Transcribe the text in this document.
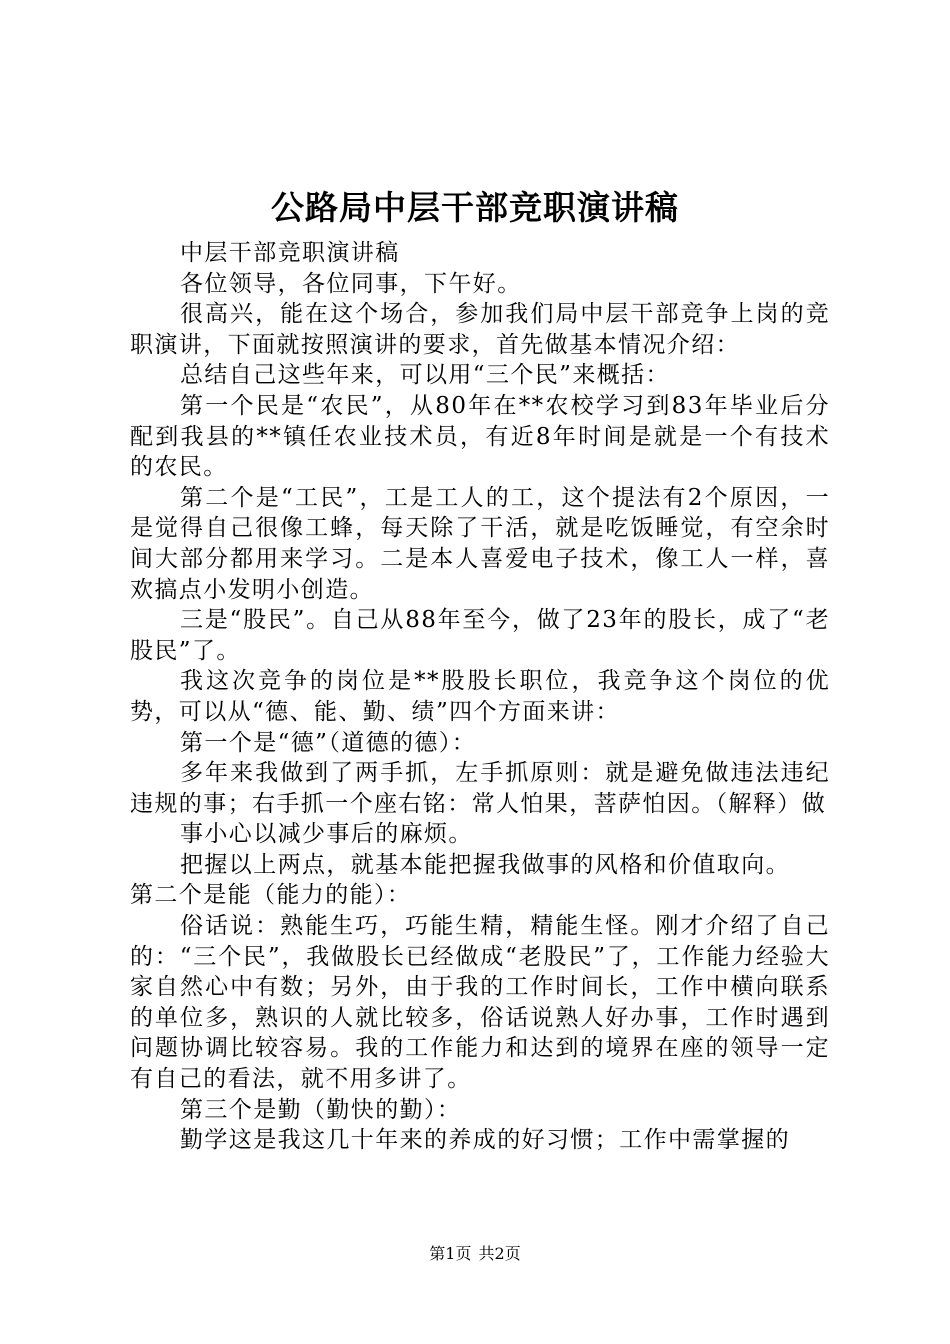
公路局中层干部竞职演讲稿

中层干部竞职演讲稿

各位领导，各位同事，下午好。

很高兴，能在这个场合，参加我们局中层干部竞争上岗的竞职演讲，下面就按照演讲的要求，首先做基本情况介绍：

总结自己这些年来，可以用“三个民”来概括：

第一个民是“农民”，从80年在**农校学习到83年毕业后分配到我县的**镇任农业技术员，有近8年时间是就是一个有技术的农民。

第二个是“工民”，工是工人的工，这个提法有2个原因，一是觉得自己很像工蜂，每天除了干活，就是吃饭睡觉，有空余时间大部分都用来学习。二是本人喜爱电子技术，像工人一样，喜欢搞点小发明小创造。

三是“股民”。自己从88年至今，做了23年的股长，成了“老股民”了。

我这次竞争的岗位是**股股长职位，我竞争这个岗位的优势，可以从“德、能、勤、绩”四个方面来讲：

第一个是“德”（道德的德）：

多年来我做到了两手抓，左手抓原则：就是避免做违法违纪违规的事；右手抓一个座右铭：常人怕果，菩萨怕因。（解释）做

事小心以减少事后的麻烦。

把握以上两点，就基本能把握我做事的风格和价值取向。

第二个是能（能力的能）：

俗话说：熟能生巧，巧能生精，精能生怪。刚才介绍了自己的：“三个民”，我做股长已经做成“老股民”了，工作能力经验大家自然心中有数；另外，由于我的工作时间长，工作中横向联系的单位多，熟识的人就比较多，俗话说熟人好办事，工作时遇到问题协调比较容易。我的工作能力和达到的境界在座的领导一定有自己的看法，就不用多讲了。

第三个是勤（勤快的勤）：

勤学这是我这几十年来的养成的好习惯；工作中需掌握的

第1页 共2页
